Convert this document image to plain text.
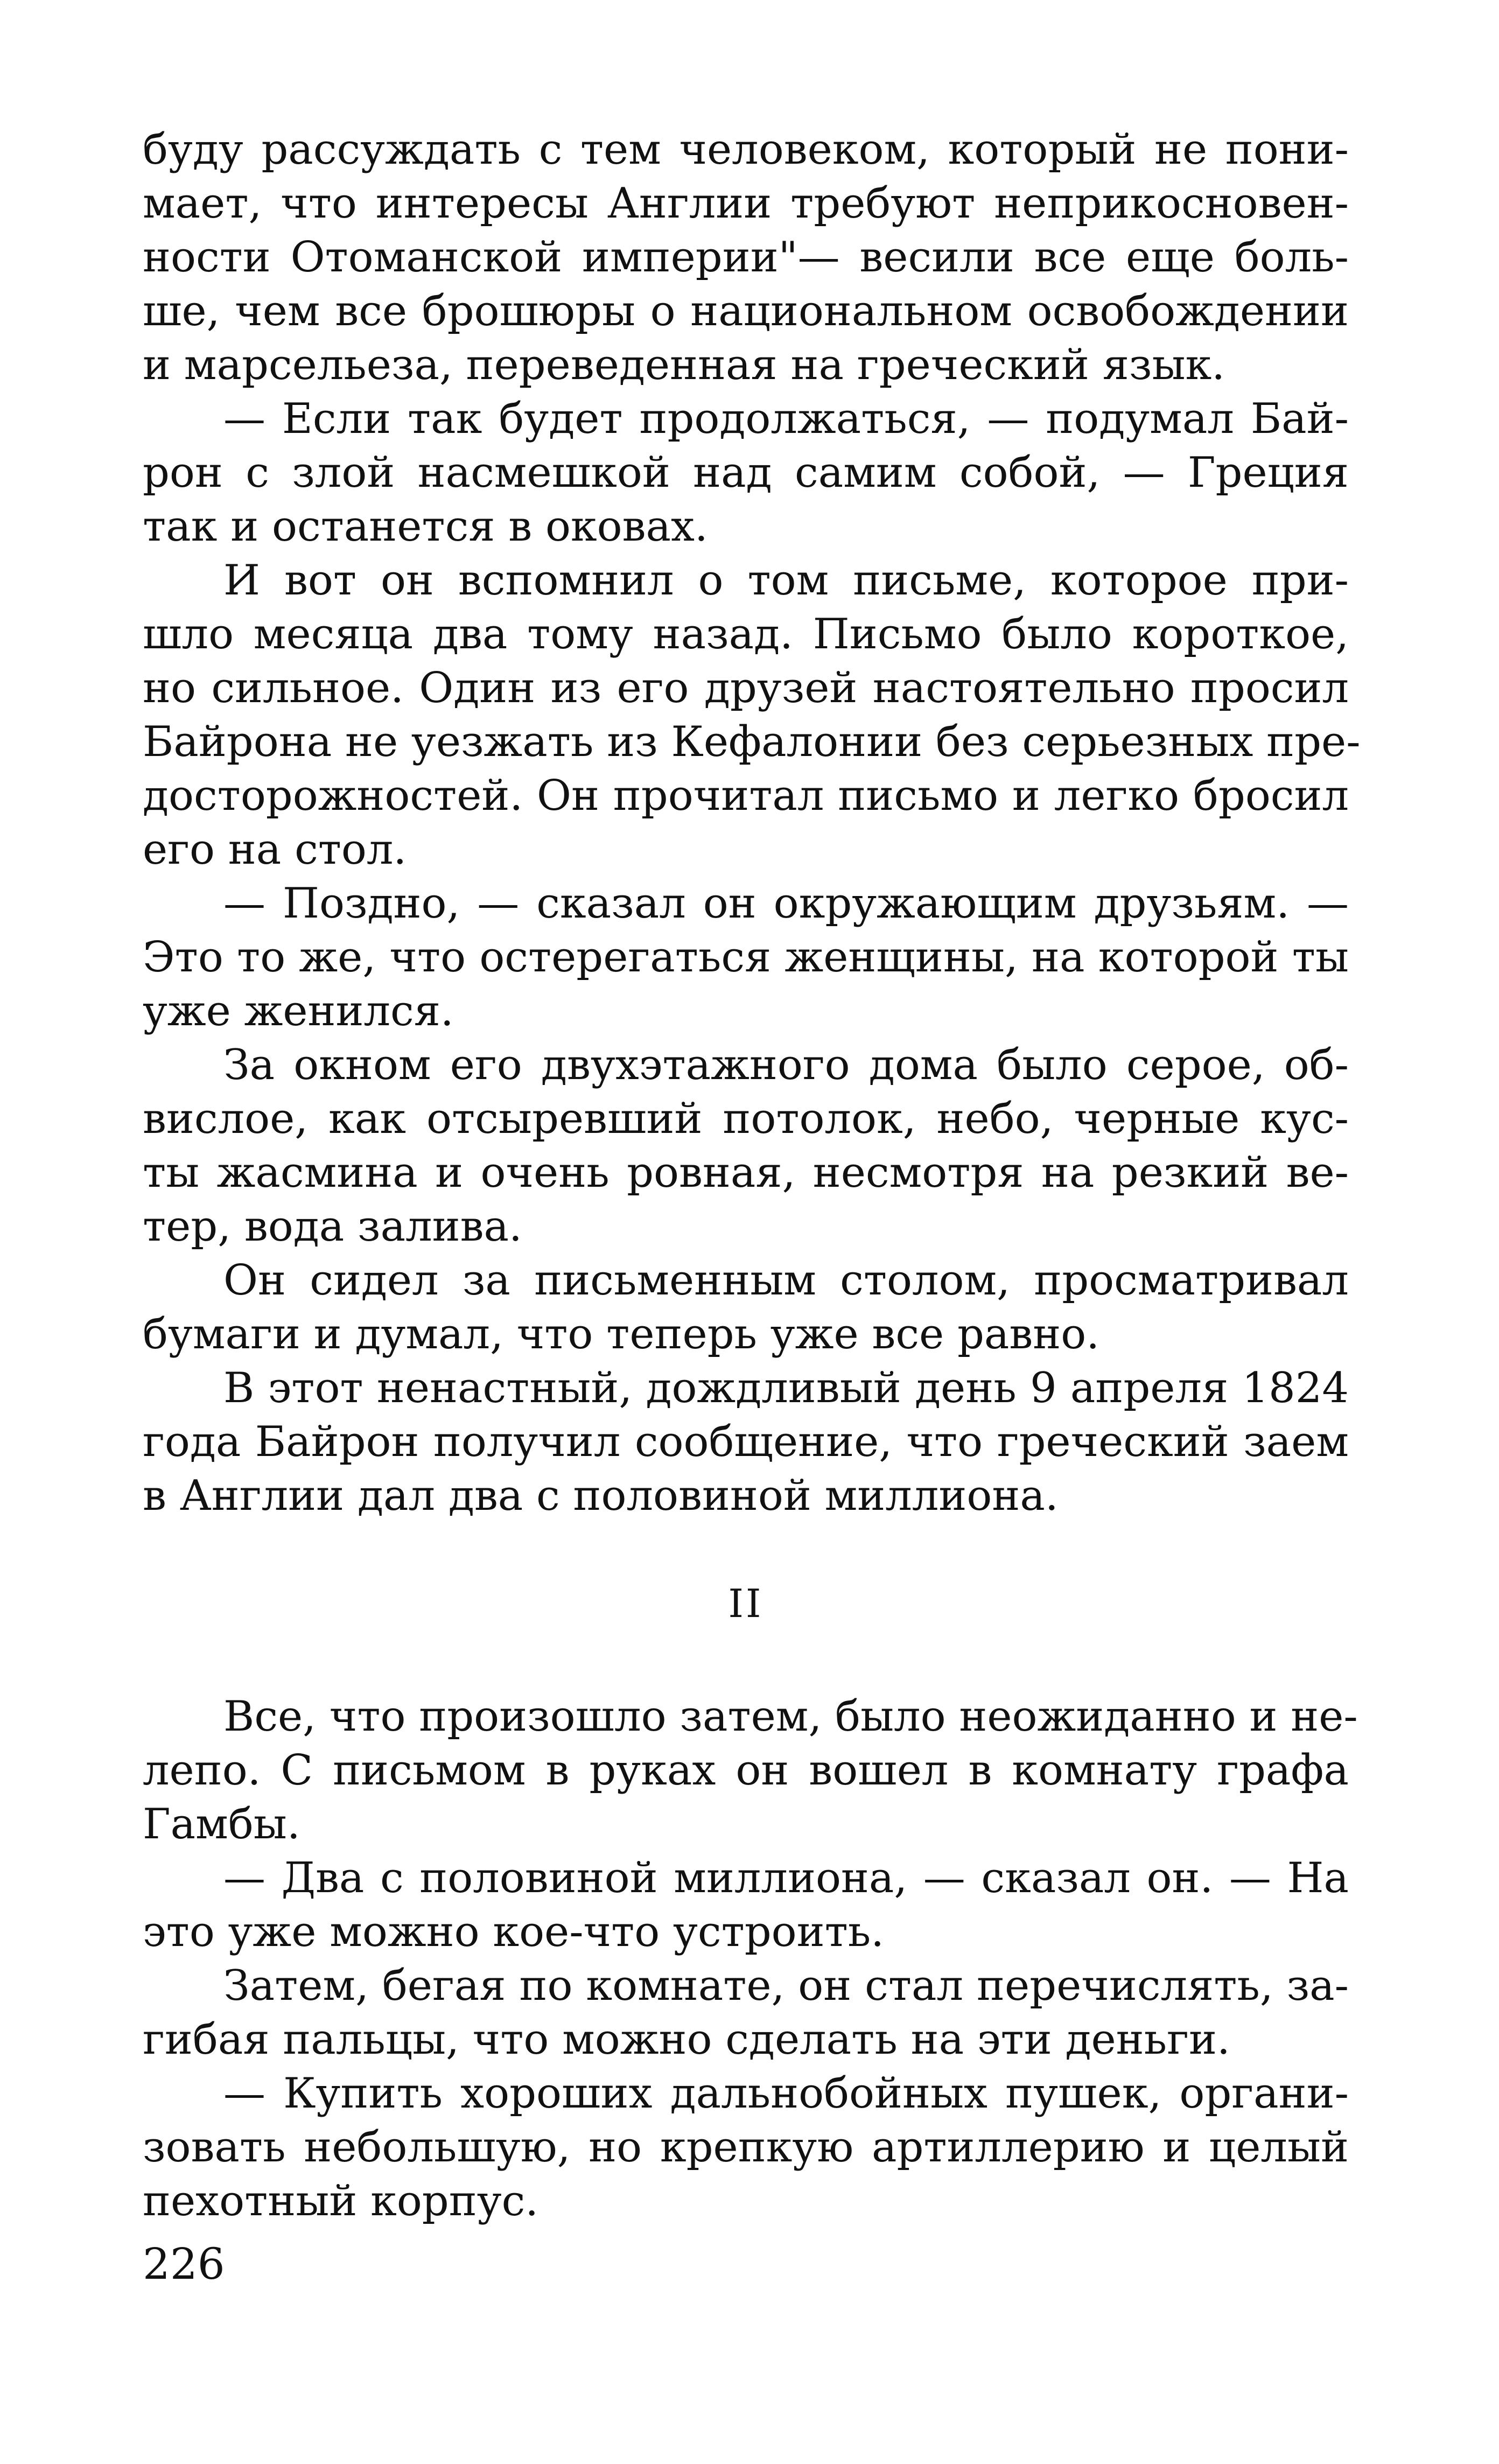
буду рассуждать с тем человеком, который не пони-
мает, что интересы Англии требуют неприкосновен-
ности Отоманской империи"— весили все еще боль-
ше, чем все брошюры о национальном освобождении
и марсельеза, переведенная на греческий язык.
— Если так будет продолжаться, — подумал Бай-
рон с злой насмешкой над самим собой, — Греция
так и останется в оковах.
И вот он вспомнил о том письме, которое при-
шло месяца два тому назад. Письмо было короткое,
но сильное. Один из его друзей настоятельно просил
Байрона не уезжать из Кефалонии без серьезных пре-
досторожностей. Он прочитал письмо и легко бросил
его на стол.
— Поздно, — сказал он окружающим друзьям. —
Это то же, что остерегаться женщины, на которой ты
уже женился.
За окном его двухэтажного дома было серое, об-
вислое, как отсыревший потолок, небо, черные кус-
ты жасмина и очень ровная, несмотря на резкий ве-
тер, вода залива.
Он сидел за письменным столом, просматривал
бумаги и думал, что теперь уже все равно.
В этот ненастный, дождливый день 9 апреля 1824
года Байрон получил сообщение, что греческий заем
в Англии дал два с половиной миллиона.
II
Все, что произошло затем, было неожиданно и не-
лепо. С письмом в руках он вошел в комнату графа
Гамбы.
— Два с половиной миллиона, — сказал он. — На
это уже можно кое-что устроить.
Затем, бегая по комнате, он стал перечислять, за-
гибая пальцы, что можно сделать на эти деньги.
— Купить хороших дальнобойных пушек, органи-
зовать небольшую, но крепкую артиллерию и целый
пехотный корпус.
226
